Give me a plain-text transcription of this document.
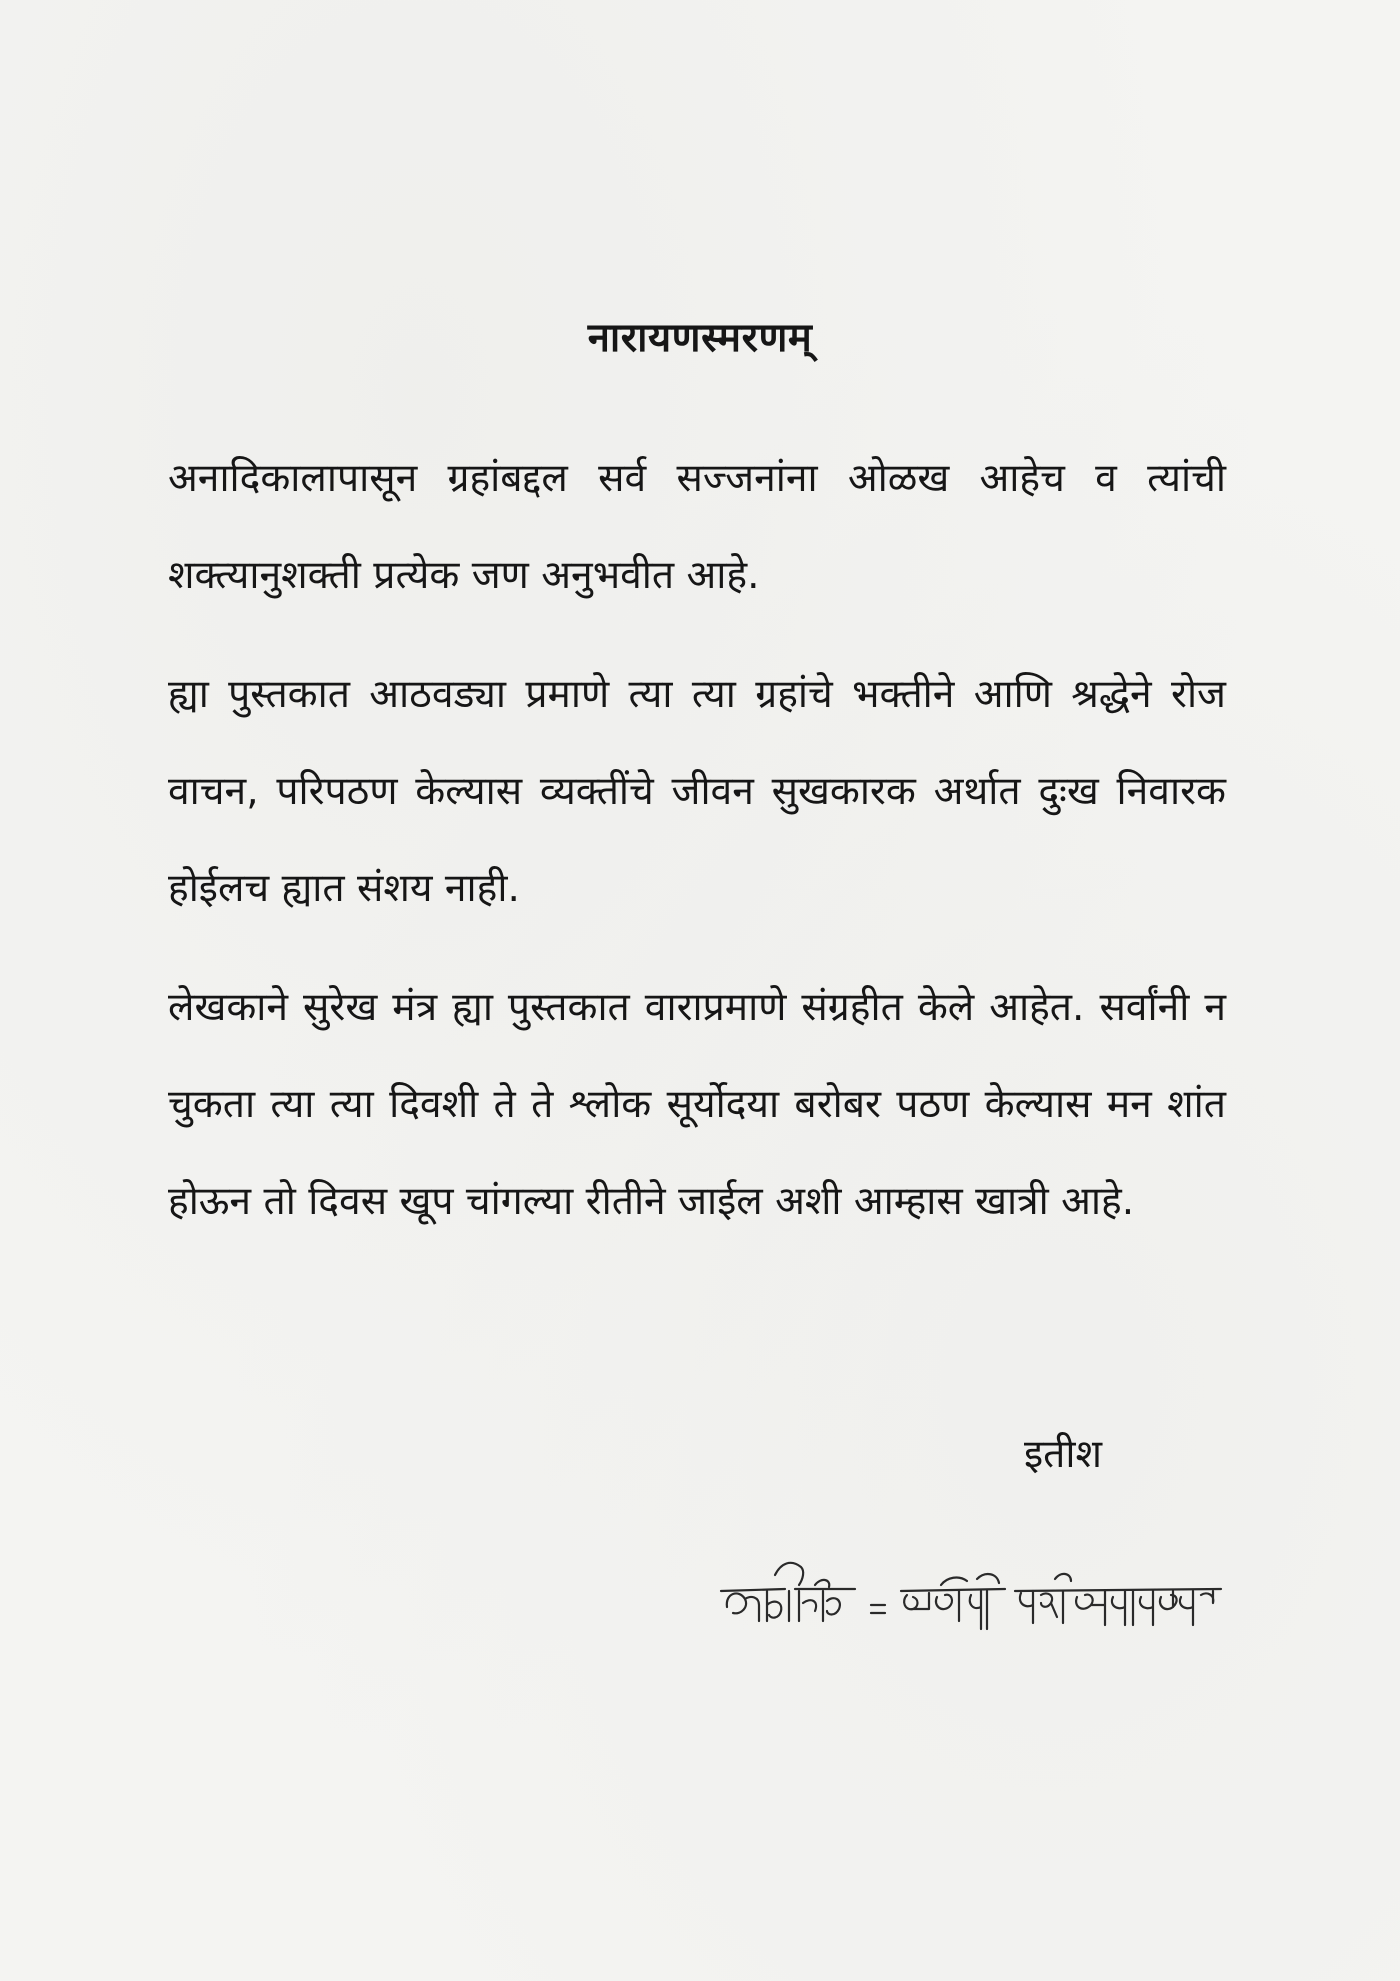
नारायणस्मरणम्

अनादिकालापासून ग्रहांबद्दल सर्व सज्जनांना ओळख आहेच व त्यांची शक्त्यानुशक्ती प्रत्येक जण अनुभवीत आहे.

ह्या पुस्तकात आठवड्या प्रमाणे त्या त्या ग्रहांचे भक्तीने आणि श्रद्धेने रोज वाचन, परिपठण केल्यास व्यक्तींचे जीवन सुखकारक अर्थात दुःख निवारक होईलच ह्यात संशय नाही.

लेखकाने सुरेख मंत्र ह्या पुस्तकात वाराप्रमाणे संग्रहीत केले आहेत. सर्वांनी न चुकता त्या त्या दिवशी ते ते श्लोक सूर्योदया बरोबर पठण केल्यास मन शांत होऊन तो दिवस खूप चांगल्या रीतीने जाईल अशी आम्हास खात्री आहे.

इतीश
